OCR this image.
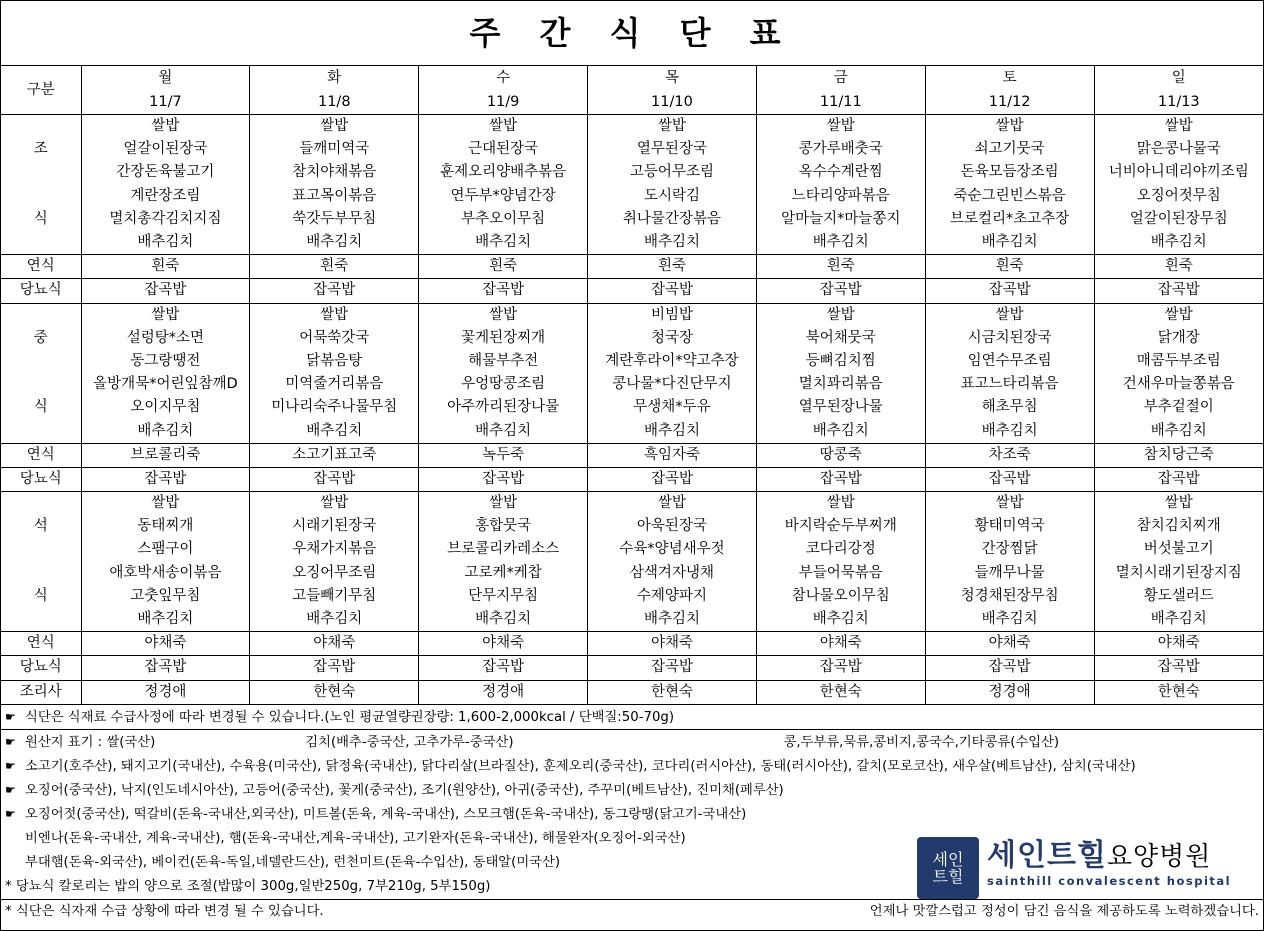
주 간 식 단 표
구분	월	화	수	목	금	토	일
	11/7	11/8	11/9	11/10	11/11	11/12	11/13
	쌀밥	쌀밥	쌀밥	쌀밥	쌀밥	쌀밥	쌀밥
조	얼갈이된장국	들깨미역국	근대된장국	열무된장국	콩가루배춧국	쇠고기뭇국	맑은콩나물국
	간장돈육불고기	참치야채볶음	훈제오리양배추볶음	고등어무조림	옥수수계란찜	돈육모듬장조림	너비아니데리야끼조림
	계란장조림	표고목이볶음	연두부*양념간장	도시락김	느타리양파볶음	죽순그린빈스볶음	오징어젓무침
식	멸치총각김치지짐	쑥갓두부무침	부추오이무침	취나물간장볶음	알마늘지*마늘쫑지	브로컬리*초고추장	얼갈이된장무침
	배추김치	배추김치	배추김치	배추김치	배추김치	배추김치	배추김치
연식	흰죽	흰죽	흰죽	흰죽	흰죽	흰죽	흰죽
당뇨식	잡곡밥	잡곡밥	잡곡밥	잡곡밥	잡곡밥	잡곡밥	잡곡밥
	쌀밥	쌀밥	쌀밥	비빔밥	쌀밥	쌀밥	쌀밥
중	설렁탕*소면	어묵쑥갓국	꽃게된장찌개	청국장	북어채뭇국	시금치된장국	닭개장
	동그랑땡전	닭볶음탕	해물부추전	계란후라이*약고추장	등뼈김치찜	임연수무조림	매콤두부조림
	올방개묵*어린잎참깨D	미역줄거리볶음	우엉땅콩조림	콩나물*다진단무지	멸치꽈리볶음	표고느타리볶음	건새우마늘쫑볶음
식	오이지무침	미나리숙주나물무침	아주까리된장나물	무생채*두유	열무된장나물	해초무침	부추겉절이
	배추김치	배추김치	배추김치	배추김치	배추김치	배추김치	배추김치
연식	브로콜리죽	소고기표고죽	녹두죽	흑임자죽	땅콩죽	차조죽	참치당근죽
당뇨식	잡곡밥	잡곡밥	잡곡밥	잡곡밥	잡곡밥	잡곡밥	잡곡밥
	쌀밥	쌀밥	쌀밥	쌀밥	쌀밥	쌀밥	쌀밥
석	동태찌개	시래기된장국	홍합뭇국	아욱된장국	바지락순두부찌개	황태미역국	참치김치찌개
	스팸구이	우채가지볶음	브로콜리카레소스	수육*양념새우젓	코다리강정	간장찜닭	버섯불고기
	애호박새송이볶음	오징어무조림	고로케*케찹	삼색겨자냉채	부들어묵볶음	들깨무나물	멸치시래기된장지짐
식	고춧잎무침	고들빼기무침	단무지무침	수제양파지	참나물오이무침	청경채된장무침	황도샐러드
	배추김치	배추김치	배추김치	배추김치	배추김치	배추김치	배추김치
연식	야채죽	야채죽	야채죽	야채죽	야채죽	야채죽	야채죽
당뇨식	잡곡밥	잡곡밥	잡곡밥	잡곡밥	잡곡밥	잡곡밥	잡곡밥
조리사	정경애	한현숙	정경애	한현숙	한현숙	정경애	한현숙
☛ 식단은 식재료 수급사정에 따라 변경될 수 있습니다.(노인 평균열량권장량: 1,600-2,000kcal / 단백질:50-70g)
☛ 원산지 표기 : 쌀(국산)	김치(배추-중국산, 고추가루-중국산)	콩,두부류,묵류,콩비지,콩국수,기타콩류(수입산)
☛ 소고기(호주산), 돼지고기(국내산), 수육용(미국산), 닭정육(국내산), 닭다리살(브라질산), 훈제오리(중국산), 코다리(러시아산), 동태(러시아산), 갈치(모로코산), 새우살(베트남산), 삼치(국내산)
☛ 오징어(중국산), 낙지(인도네시아산), 고등어(중국산), 꽃게(중국산), 조기(원양산), 아귀(중국산), 주꾸미(베트남산), 진미채(페루산)
☛ 오징어젓(중국산), 떡갈비(돈육-국내산,외국산), 미트볼(돈육, 계육-국내산), 스모크햄(돈육-국내산), 동그랑땡(닭고기-국내산)
비엔나(돈육-국내산, 계육-국내산), 햄(돈육-국내산,계육-국내산), 고기완자(돈육-국내산), 해물완자(오징어-외국산)
부대햄(돈육-외국산), 베이컨(돈육-독일,네델란드산), 런천미트(돈육-수입산), 동태알(미국산)
* 당뇨식 칼로리는 밥의 양으로 조절(밥많이 300g,일반250g, 7부210g, 5부150g)
* 식단은 식자재 수급 상황에 따라 변경 될 수 있습니다.	언제나 맛깔스럽고 정성이 담긴 음식을 제공하도록 노력하겠습니다.
세인
트힐
세인트힐요양병원
sainthill convalescent hospital
